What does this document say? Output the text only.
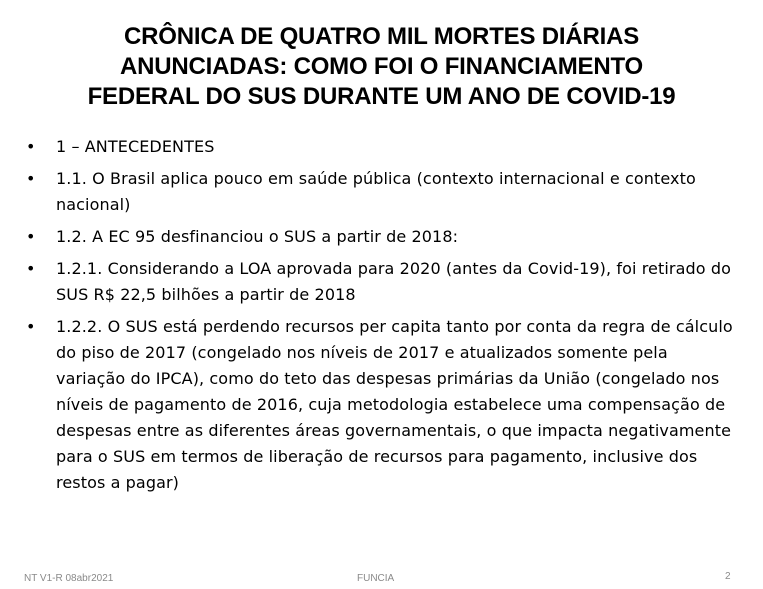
CRÔNICA DE QUATRO MIL MORTES DIÁRIAS
ANUNCIADAS: COMO FOI O FINANCIAMENTO
FEDERAL DO SUS DURANTE UM ANO DE COVID-19
• 1 – ANTECEDENTES
• 1.1. O Brasil aplica pouco em saúde pública (contexto internacional e contexto nacional)
• 1.2. A EC 95 desfinanciou o SUS a partir de 2018:
• 1.2.1. Considerando a LOA aprovada para 2020 (antes da Covid-19), foi retirado do SUS R$ 22,5 bilhões a partir de 2018
• 1.2.2. O SUS está perdendo recursos per capita tanto por conta da regra de cálculo do piso de 2017 (congelado nos níveis de 2017 e atualizados somente pela variação do IPCA), como do teto das despesas primárias da União (congelado nos níveis de pagamento de 2016, cuja metodologia estabelece uma compensação de despesas entre as diferentes áreas governamentais, o que impacta negativamente para o SUS em termos de liberação de recursos para pagamento, inclusive dos restos a pagar)
NT V1-R 08abr2021	FUNCIA	2
